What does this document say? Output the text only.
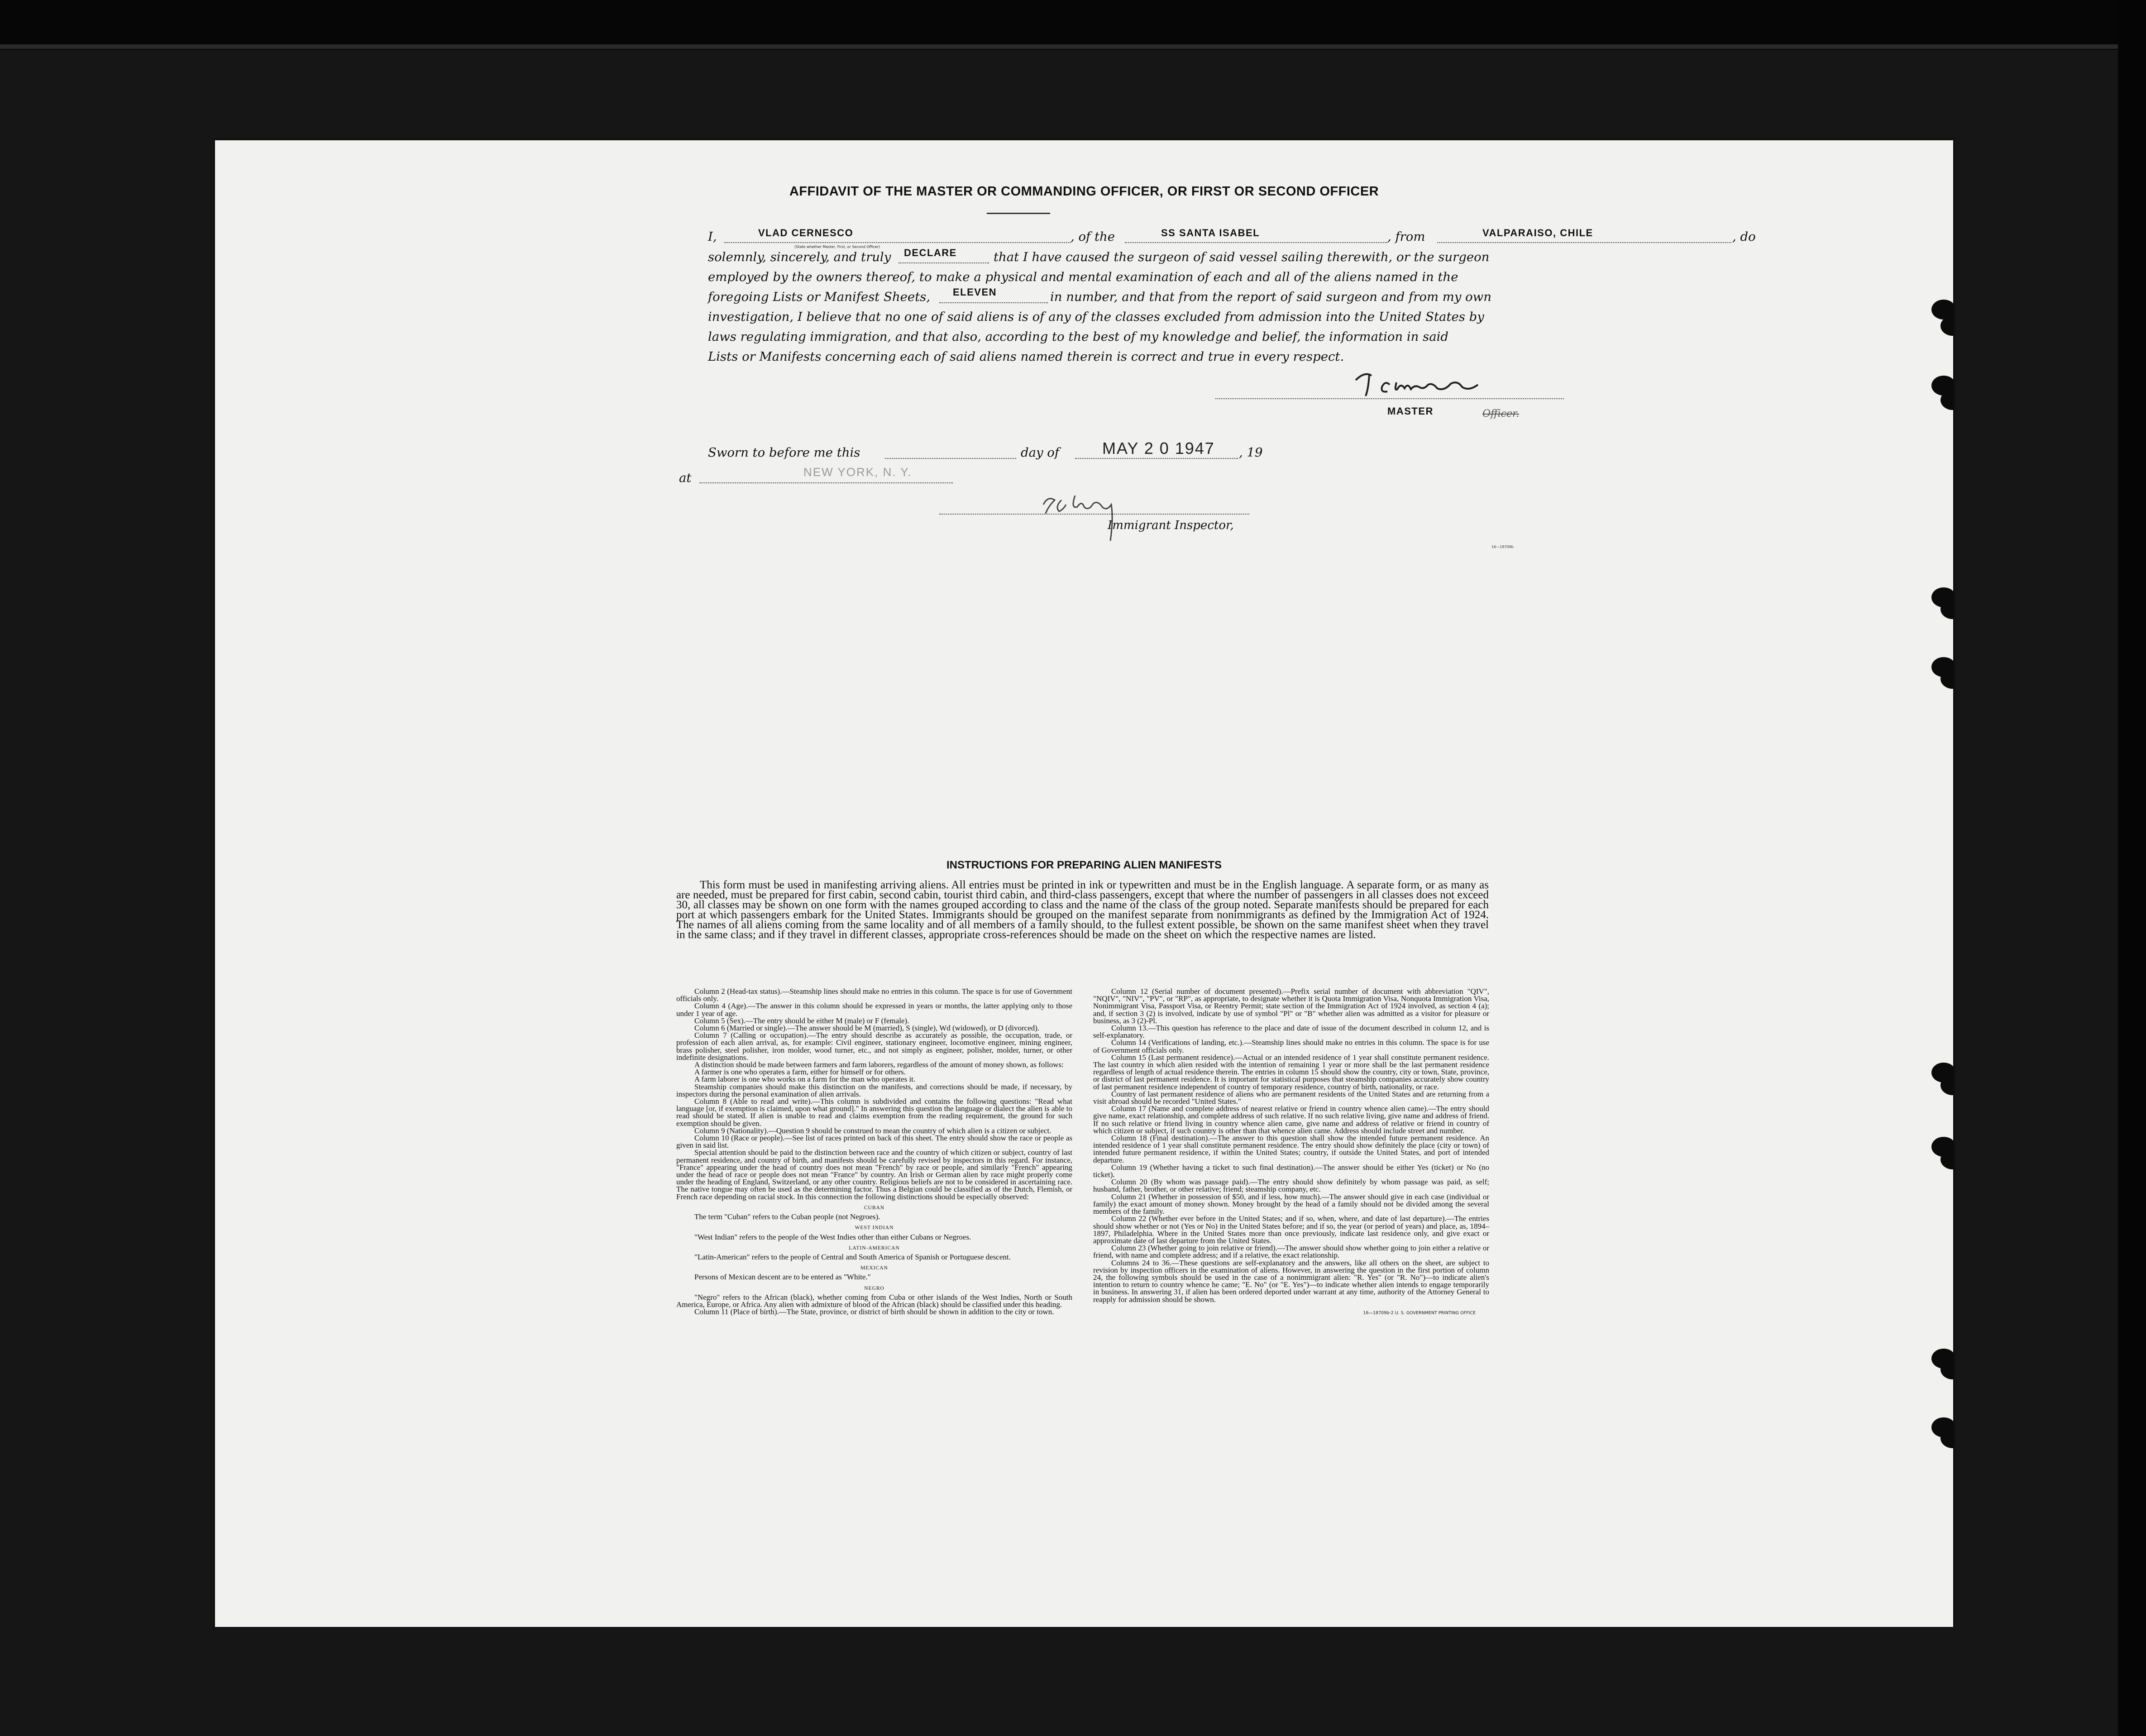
AFFIDAVIT OF THE MASTER OR COMMANDING OFFICER, OR FIRST OR SECOND OFFICER
I,	VLAD CERNESCO
(State whether Master, First, or Second Officer)
, of the	SS SANTA ISABEL	, from	VALPARAISO, CHILE	, do
solemnly, sincerely, and truly DECLARE	that I have caused the surgeon of said vessel sailing therewith, or the surgeon
employed by the owners thereof, to make a physical and mental examination of each and all of the aliens named in the
foregoing Lists or Manifest Sheets, ELEVEN	in number, and that from the report of said surgeon and from my own
investigation, I believe that no one of said aliens is of any of the classes excluded from admission into the United States by
laws regulating immigration, and that also, according to the best of my knowledge and belief, the information in said
Lists or Manifests concerning each of said aliens named therein is correct and true in every respect.
MASTER	Officer.
Sworn to before me this	day of	MAY 2 0 1947 , 19
at	NEW YORK, N. Y.
Immigrant Inspector,
16—18709b
INSTRUCTIONS FOR PREPARING ALIEN MANIFESTS
This form must be used in manifesting arriving aliens. All entries must be printed in ink or typewritten and must be in the English language. A separate form, or as many as are needed, must be prepared for first cabin, second cabin, tourist third cabin, and third-class passengers, except that where the number of passengers in all classes does not exceed 30, all classes may be shown on one form with the names grouped according to class and the name of the class of the group noted. Separate manifests should be prepared for each port at which passengers embark for the United States. Immigrants should be grouped on the manifest separate from nonimmigrants as defined by the Immigration Act of 1924. The names of all aliens coming from the same locality and of all members of a family should, to the fullest extent possible, be shown on the same manifest sheet when they travel in the same class; and if they travel in different classes, appropriate cross-references should be made on the sheet on which the respective names are listed.

Column 2 (Head-tax status).—Steamship lines should make no entries in this column. The space is for use of Government officials only.

Column 4 (Age).—The answer in this column should be expressed in years or months, the latter applying only to those under 1 year of age.

Column 5 (Sex).—The entry should be either M (male) or F (female).

Column 6 (Married or single).—The answer should be M (married), S (single), Wd (widowed), or D (divorced).

Column 7 (Calling or occupation).—The entry should describe as accurately as possible, the occupation, trade, or profession of each alien arrival, as, for example: Civil engineer, stationary engineer, locomotive engineer, mining engineer, brass polisher, steel polisher, iron molder, wood turner, etc., and not simply as engineer, polisher, molder, turner, or other indefinite designations.

A distinction should be made between farmers and farm laborers, regardless of the amount of money shown, as follows:

A farmer is one who operates a farm, either for himself or for others.

A farm laborer is one who works on a farm for the man who operates it.

Steamship companies should make this distinction on the manifests, and corrections should be made, if necessary, by inspectors during the personal examination of alien arrivals.

Column 8 (Able to read and write).—This column is subdivided and contains the following questions: "Read what language [or, if exemption is claimed, upon what ground]." In answering this question the language or dialect the alien is able to read should be stated. If alien is unable to read and claims exemption from the reading requirement, the ground for such exemption should be given.

Column 9 (Nationality).—Question 9 should be construed to mean the country of which alien is a citizen or subject.

Column 10 (Race or people).—See list of races printed on back of this sheet. The entry should show the race or people as given in said list.

Special attention should be paid to the distinction between race and the country of which citizen or subject, country of last permanent residence, and country of birth, and manifests should be carefully revised by inspectors in this regard. For instance, "France" appearing under the head of country does not mean "French" by race or people, and similarly "French" appearing under the head of race or people does not mean "France" by country. An Irish or German alien by race might properly come under the heading of England, Switzerland, or any other country. Religious beliefs are not to be considered in ascertaining race. The native tongue may often be used as the determining factor. Thus a Belgian could be classified as of the Dutch, Flemish, or French race depending on racial stock. In this connection the following distinctions should be especially observed:

CUBAN

The term "Cuban" refers to the Cuban people (not Negroes).

WEST INDIAN

"West Indian" refers to the people of the West Indies other than either Cubans or Negroes.

LATIN-AMERICAN

"Latin-American" refers to the people of Central and South America of Spanish or Portuguese descent.

MEXICAN

Persons of Mexican descent are to be entered as "White."

NEGRO

"Negro" refers to the African (black), whether coming from Cuba or other islands of the West Indies, North or South America, Europe, or Africa. Any alien with admixture of blood of the African (black) should be classified under this heading.

Column 11 (Place of birth).—The State, province, or district of birth should be shown in addition to the city or town.

Column 12 (Serial number of document presented).—Prefix serial number of document with abbreviation "QIV", "NQIV", "NIV", "PV", or "RP", as appropriate, to designate whether it is Quota Immigration Visa, Nonquota Immigration Visa, Nonimmigrant Visa, Passport Visa, or Reentry Permit; state section of the Immigration Act of 1924 involved, as section 4 (a); and, if section 3 (2) is involved, indicate by use of symbol "Pl" or "B" whether alien was admitted as a visitor for pleasure or business, as 3 (2)-Pl.

Column 13.—This question has reference to the place and date of issue of the document described in column 12, and is self-explanatory.

Column 14 (Verifications of landing, etc.).—Steamship lines should make no entries in this column. The space is for use of Government officials only.

Column 15 (Last permanent residence).—Actual or an intended residence of 1 year shall constitute permanent residence. The last country in which alien resided with the intention of remaining 1 year or more shall be the last permanent residence regardless of length of actual residence therein. The entries in column 15 should show the country, city or town, State, province, or district of last permanent residence. It is important for statistical purposes that steamship companies accurately show country of last permanent residence independent of country of temporary residence, country of birth, nationality, or race.

Country of last permanent residence of aliens who are permanent residents of the United States and are returning from a visit abroad should be recorded "United States."

Column 17 (Name and complete address of nearest relative or friend in country whence alien came).—The entry should give name, exact relationship, and complete address of such relative. If no such relative living, give name and address of friend. If no such relative or friend living in country whence alien came, give name and address of relative or friend in country of which citizen or subject, if such country is other than that whence alien came. Address should include street and number.

Column 18 (Final destination).—The answer to this question shall show the intended future permanent residence. An intended residence of 1 year shall constitute permanent residence. The entry should show definitely the place (city or town) of intended future permanent residence, if within the United States; country, if outside the United States, and port of intended departure.

Column 19 (Whether having a ticket to such final destination).—The answer should be either Yes (ticket) or No (no ticket).

Column 20 (By whom was passage paid).—The entry should show definitely by whom passage was paid, as self; husband, father, brother, or other relative; friend; steamship company, etc.

Column 21 (Whether in possession of $50, and if less, how much).—The answer should give in each case (individual or family) the exact amount of money shown. Money brought by the head of a family should not be divided among the several members of the family.

Column 22 (Whether ever before in the United States; and if so, when, where, and date of last departure).—The entries should show whether or not (Yes or No) in the United States before; and if so, the year (or period of years) and place, as, 1894–1897, Philadelphia. Where in the United States more than once previously, indicate last residence only, and give exact or approximate date of last departure from the United States.

Column 23 (Whether going to join relative or friend).—The answer should show whether going to join either a relative or friend, with name and complete address; and if a relative, the exact relationship.

Columns 24 to 36.—These questions are self-explanatory and the answers, like all others on the sheet, are subject to revision by inspection officers in the examination of aliens. However, in answering the question in the first portion of column 24, the following symbols should be used in the case of a nonimmigrant alien: "R. Yes" (or "R. No")—to indicate alien's intention to return to country whence he came; "E. No" (or "E. Yes")—to indicate whether alien intends to engage temporarily in business. In answering 31, if alien has been ordered deported under warrant at any time, authority of the Attorney General to reapply for admission should be shown.

16—18709b-2 U. S. GOVERNMENT PRINTING OFFICE
